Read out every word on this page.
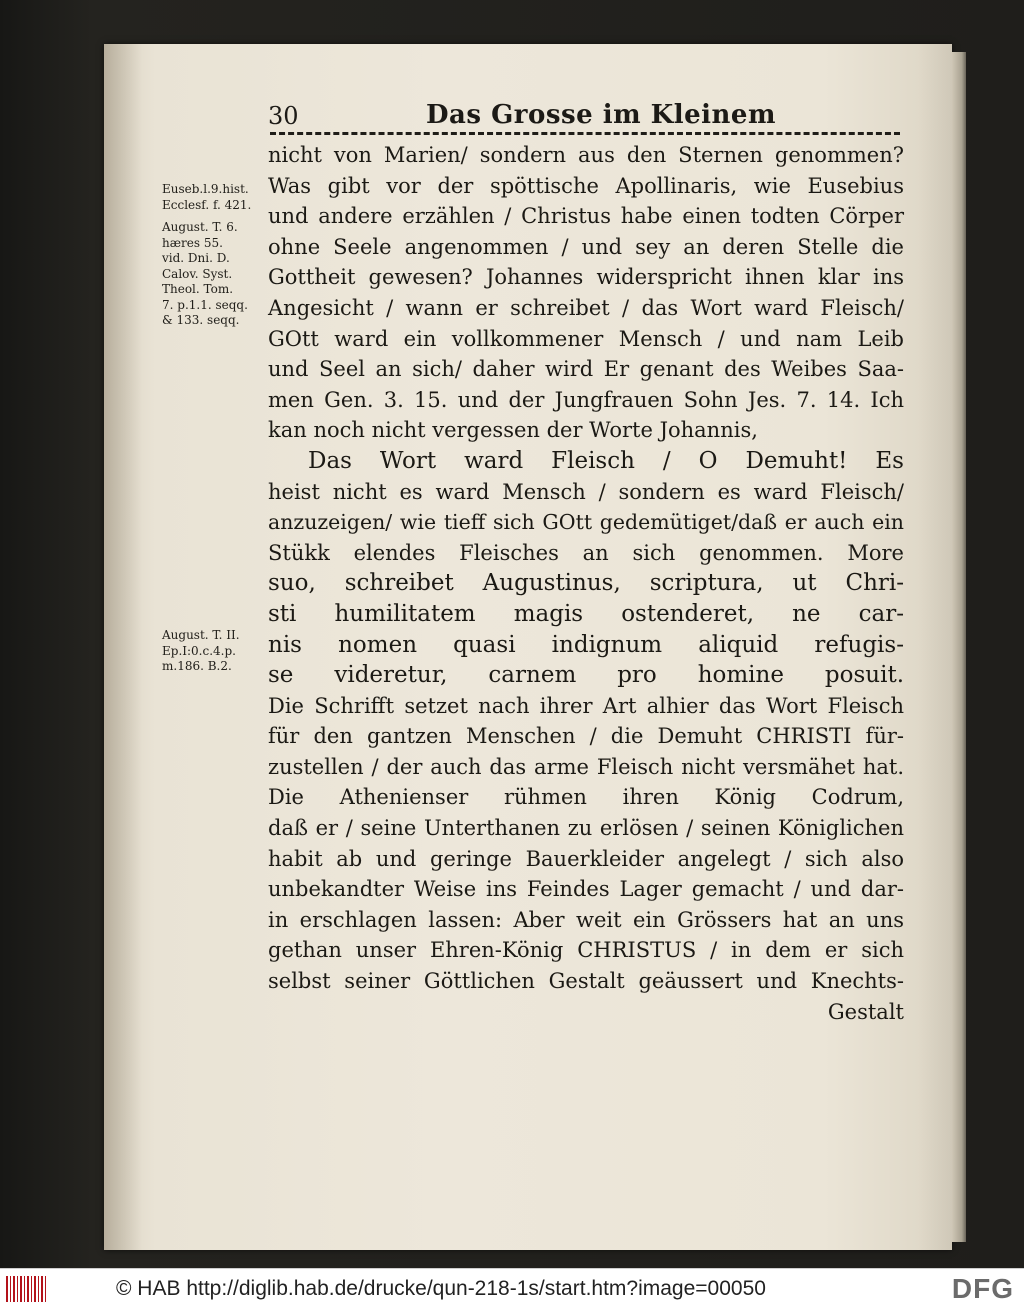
30	Das Grosse im Kleinem
Euseb.l.9.hist.
Ecclesf. f. 421.
August. T. 6.
hæres 55.
vid. Dni. D.
Calov. Syst.
Theol. Tom.
7. p.1.1. seqq.
& 133. seqq.
August. T. II.
Ep.I:0.c.4.p.
m.186. B.2.
nicht von Marien/ sondern aus den Sternen genommen?
Was gibt vor der spöttische Apollinaris, wie Eusebius
und andere erzählen / Christus habe einen todten Cörper
ohne Seele angenommen / und sey an deren Stelle die
Gottheit gewesen? Johannes widerspricht ihnen klar ins
Angesicht / wann er schreibet / das Wort ward Fleisch/
GOtt ward ein vollkommener Mensch / und nam Leib
und Seel an sich/ daher wird Er genant des Weibes Saa-
men Gen. 3. 15. und der Jungfrauen Sohn Jes. 7. 14. Ich
kan noch nicht vergessen der Worte Johannis,
Das Wort ward Fleisch / O Demuht! Es
heist nicht es ward Mensch / sondern es ward Fleisch/
anzuzeigen/ wie tieff sich GOtt gedemütiget/daß er auch ein
Stükk elendes Fleisches an sich genommen. More
suo, schreibet Augustinus, scriptura, ut Chri-
sti humilitatem magis ostenderet, ne car-
nis nomen quasi indignum aliquid refugis-
se videretur, carnem pro homine posuit.
Die Schrifft setzet nach ihrer Art alhier das Wort Fleisch
für den gantzen Menschen / die Demuht CHRISTI für-
zustellen / der auch das arme Fleisch nicht versmähet hat.
Die Athenienser rühmen ihren König Codrum,
daß er / seine Unterthanen zu erlösen / seinen Königlichen
habit ab und geringe Bauerkleider angelegt / sich also
unbekandter Weise ins Feindes Lager gemacht / und dar-
in erschlagen lassen: Aber weit ein Grössers hat an uns
gethan unser Ehren-König CHRISTUS / in dem er sich
selbst seiner Göttlichen Gestalt geäussert und Knechts-
Gestalt
© HAB http://diglib.hab.de/drucke/qun-218-1s/start.htm?image=00050	DFG
